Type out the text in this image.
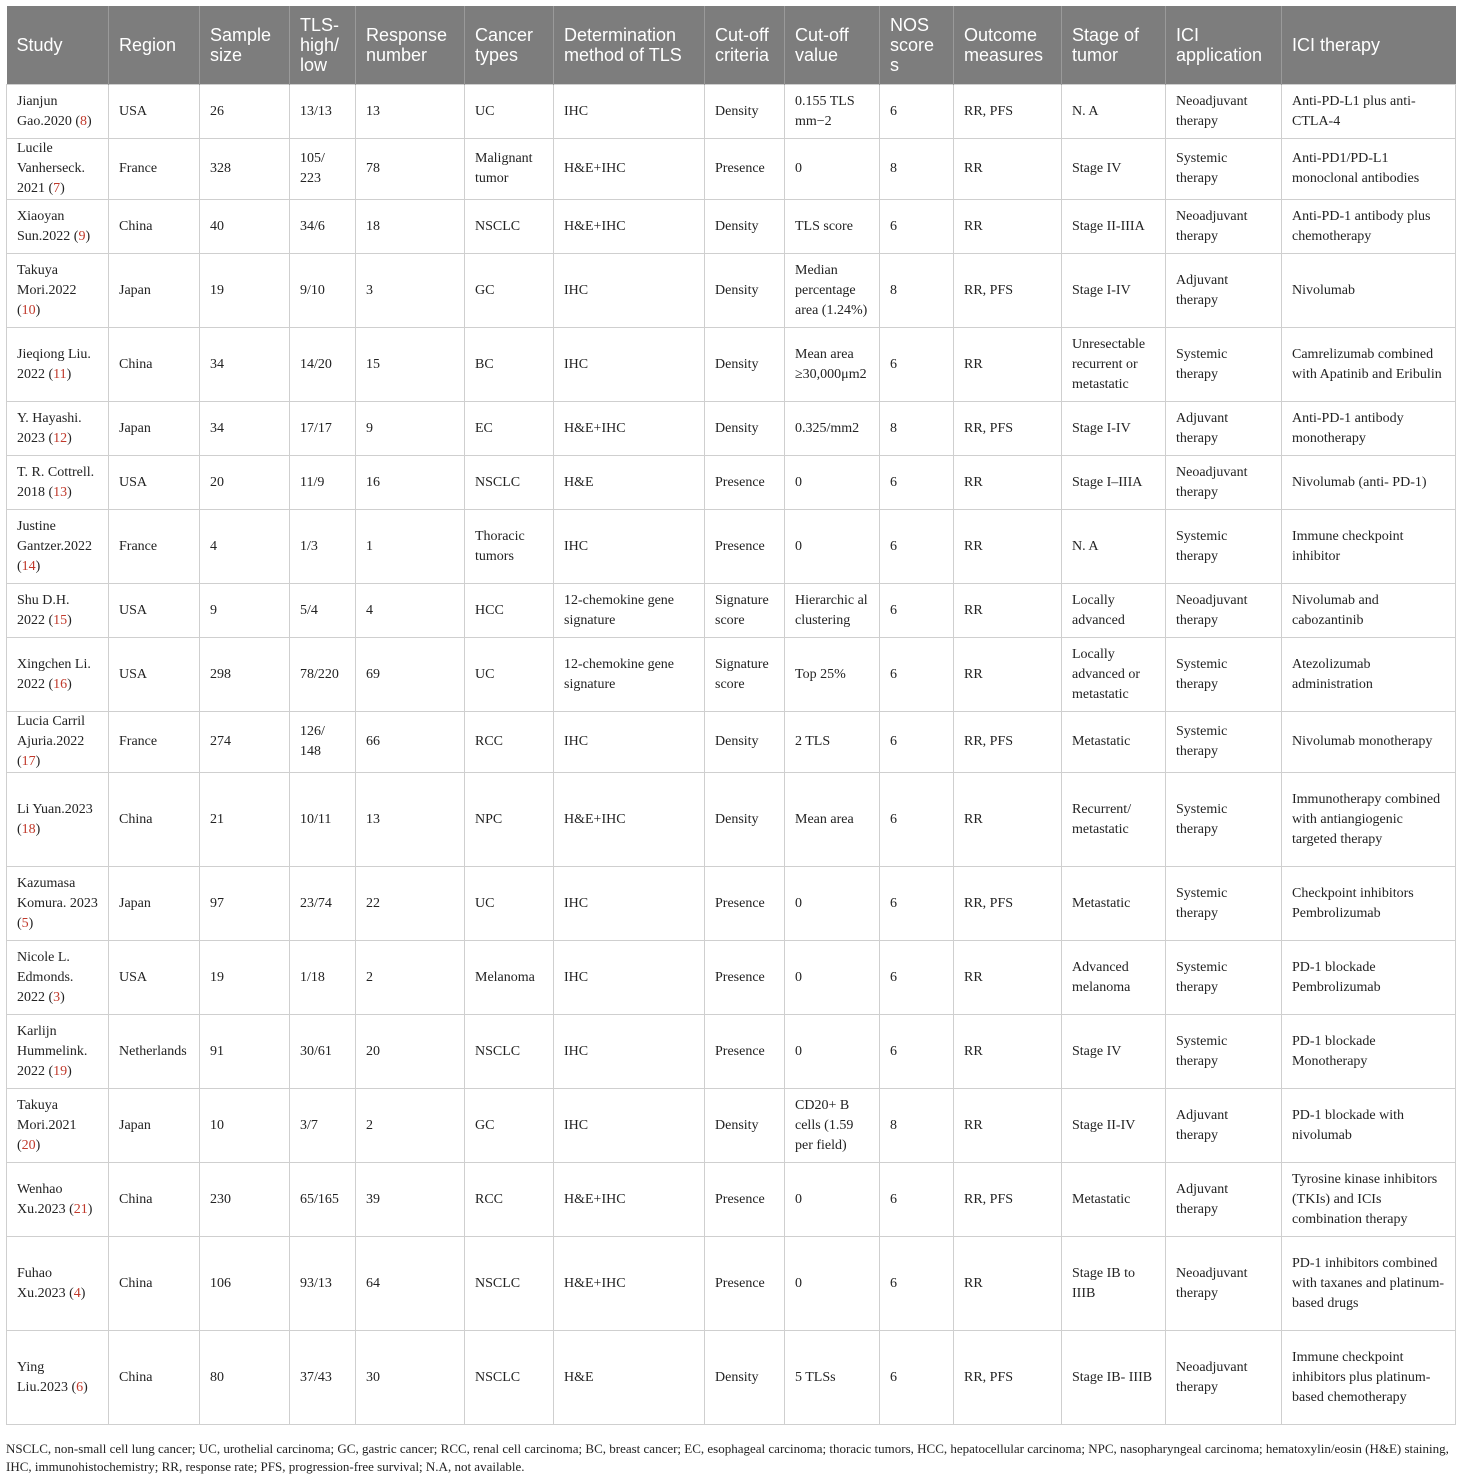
Study	Region	Sample size	TLS-high/ low	Response number	Cancer types	Determination method of TLS	Cut-off criteria	Cut-off value	NOS score s	Outcome measures	Stage of tumor	ICI application	ICI therapy
Jianjun Gao.2020 (8)	USA	26	13/13	13	UC	IHC	Density	0.155 TLS mm−2	6	RR, PFS	N. A	Neoadjuvant therapy	Anti-PD-L1 plus anti-CTLA-4
Lucile Vanherseck. 2021 (7)	France	328	105/ 223	78	Malignant tumor	H&E+IHC	Presence	0	8	RR	Stage IV	Systemic therapy	Anti-PD1/PD-L1 monoclonal antibodies
Xiaoyan Sun.2022 (9)	China	40	34/6	18	NSCLC	H&E+IHC	Density	TLS score	6	RR	Stage II-IIIA	Neoadjuvant therapy	Anti-PD-1 antibody plus chemotherapy
Takuya Mori.2022 (10)	Japan	19	9/10	3	GC	IHC	Density	Median percentage area (1.24%)	8	RR, PFS	Stage I-IV	Adjuvant therapy	Nivolumab
Jieqiong Liu. 2022 (11)	China	34	14/20	15	BC	IHC	Density	Mean area ≥30,000μm2	6	RR	Unresectable recurrent or metastatic	Systemic therapy	Camrelizumab combined with Apatinib and Eribulin
Y. Hayashi. 2023 (12)	Japan	34	17/17	9	EC	H&E+IHC	Density	0.325/mm2	8	RR, PFS	Stage I-IV	Adjuvant therapy	Anti-PD-1 antibody monotherapy
T. R. Cottrell. 2018 (13)	USA	20	11/9	16	NSCLC	H&E	Presence	0	6	RR	Stage I–IIIA	Neoadjuvant therapy	Nivolumab (anti- PD-1)
Justine Gantzer.2022 (14)	France	4	1/3	1	Thoracic tumors	IHC	Presence	0	6	RR	N. A	Systemic therapy	Immune checkpoint inhibitor
Shu D.H. 2022 (15)	USA	9	5/4	4	HCC	12-chemokine gene signature	Signature score	Hierarchic al clustering	6	RR	Locally advanced	Neoadjuvant therapy	Nivolumab and cabozantinib
Xingchen Li. 2022 (16)	USA	298	78/220	69	UC	12-chemokine gene signature	Signature score	Top 25%	6	RR	Locally advanced or metastatic	Systemic therapy	Atezolizumab administration
Lucia Carril Ajuria.2022 (17)	France	274	126/ 148	66	RCC	IHC	Density	2 TLS	6	RR, PFS	Metastatic	Systemic therapy	Nivolumab monotherapy
Li Yuan.2023 (18)	China	21	10/11	13	NPC	H&E+IHC	Density	Mean area	6	RR	Recurrent/ metastatic	Systemic therapy	Immunotherapy combined with antiangiogenic targeted therapy
Kazumasa Komura. 2023 (5)	Japan	97	23/74	22	UC	IHC	Presence	0	6	RR, PFS	Metastatic	Systemic therapy	Checkpoint inhibitors Pembrolizumab
Nicole L. Edmonds. 2022 (3)	USA	19	1/18	2	Melanoma	IHC	Presence	0	6	RR	Advanced melanoma	Systemic therapy	PD-1 blockade Pembrolizumab
Karlijn Hummelink. 2022 (19)	Netherlands	91	30/61	20	NSCLC	IHC	Presence	0	6	RR	Stage IV	Systemic therapy	PD-1 blockade Monotherapy
Takuya Mori.2021 (20)	Japan	10	3/7	2	GC	IHC	Density	CD20+ B cells (1.59 per field)	8	RR	Stage II-IV	Adjuvant therapy	PD-1 blockade with nivolumab
Wenhao Xu.2023 (21)	China	230	65/165	39	RCC	H&E+IHC	Presence	0	6	RR, PFS	Metastatic	Adjuvant therapy	Tyrosine kinase inhibitors (TKIs) and ICIs combination therapy
Fuhao Xu.2023 (4)	China	106	93/13	64	NSCLC	H&E+IHC	Presence	0	6	RR	Stage IB to IIIB	Neoadjuvant therapy	PD-1 inhibitors combined with taxanes and platinum-based drugs
Ying Liu.2023 (6)	China	80	37/43	30	NSCLC	H&E	Density	5 TLSs	6	RR, PFS	Stage IB- IIIB	Neoadjuvant therapy	Immune checkpoint inhibitors plus platinum-based chemotherapy
NSCLC, non-small cell lung cancer; UC, urothelial carcinoma; GC, gastric cancer; RCC, renal cell carcinoma; BC, breast cancer; EC, esophageal carcinoma; thoracic tumors, HCC, hepatocellular carcinoma; NPC, nasopharyngeal carcinoma; hematoxylin/eosin (H&E) staining, IHC, immunohistochemistry; RR, response rate; PFS, progression-free survival; N.A, not available.
